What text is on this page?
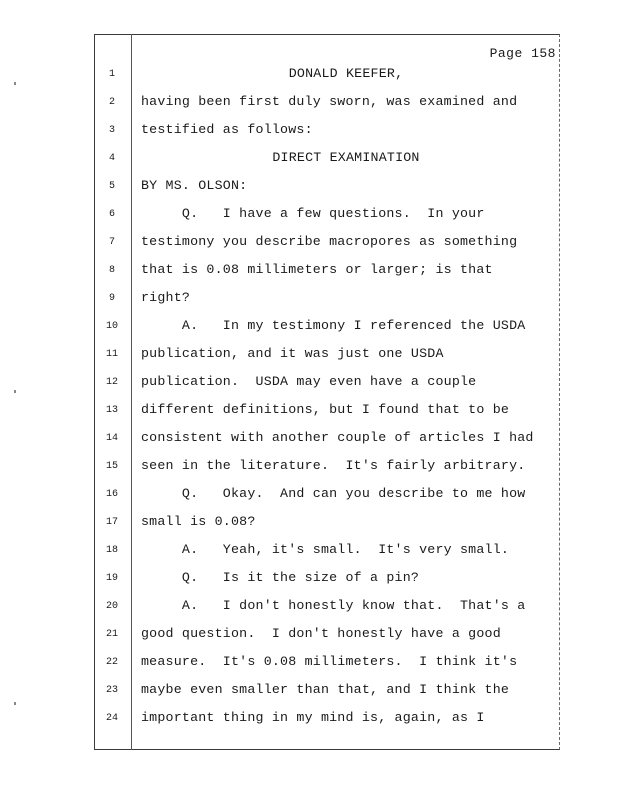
Page 158
1	DONALD KEEFER,
2	having been first duly sworn, was examined and
3	testified as follows:
4	DIRECT EXAMINATION
5	BY MS. OLSON:
6	Q.   I have a few questions.  In your
7	testimony you describe macropores as something
8	that is 0.08 millimeters or larger; is that
9	right?
10	A.   In my testimony I referenced the USDA
11	publication, and it was just one USDA
12	publication.  USDA may even have a couple
13	different definitions, but I found that to be
14	consistent with another couple of articles I had
15	seen in the literature.  It's fairly arbitrary.
16	Q.   Okay.  And can you describe to me how
17	small is 0.08?
18	A.   Yeah, it's small.  It's very small.
19	Q.   Is it the size of a pin?
20	A.   I don't honestly know that.  That's a
21	good question.  I don't honestly have a good
22	measure.  It's 0.08 millimeters.  I think it's
23	maybe even smaller than that, and I think the
24	important thing in my mind is, again, as I
